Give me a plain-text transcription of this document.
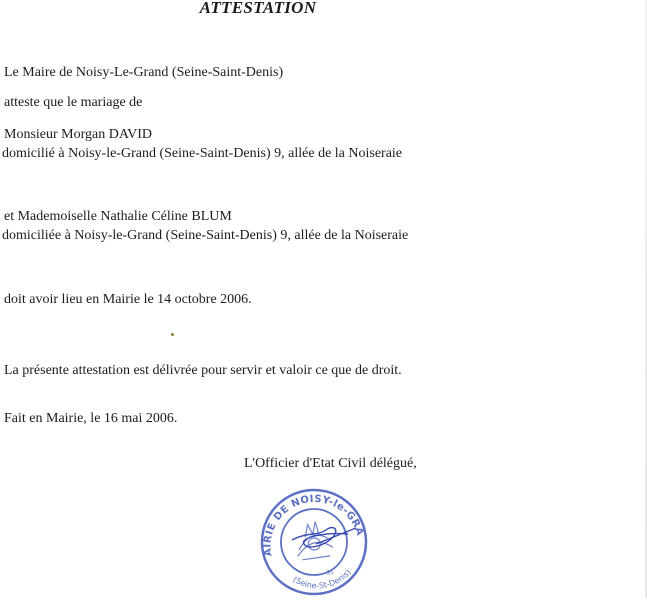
ATTESTATION
Le Maire de Noisy-Le-Grand (Seine-Saint-Denis)
atteste que le mariage de
Monsieur Morgan DAVID
domicilié à Noisy-le-Grand (Seine-Saint-Denis) 9, allée de la Noiseraie
et Mademoiselle Nathalie Céline BLUM
domiciliée à Noisy-le-Grand (Seine-Saint-Denis) 9, allée de la Noiseraie
doit avoir lieu en Mairie le 14 octobre 2006.
La présente attestation est délivrée pour servir et valoir ce que de droit.
Fait en Mairie, le 16 mai 2006.
L'Officier d'Etat Civil délégué,
MAIRIE DE NOISY-le-GRAND
(Seine-St-Denis)
31
